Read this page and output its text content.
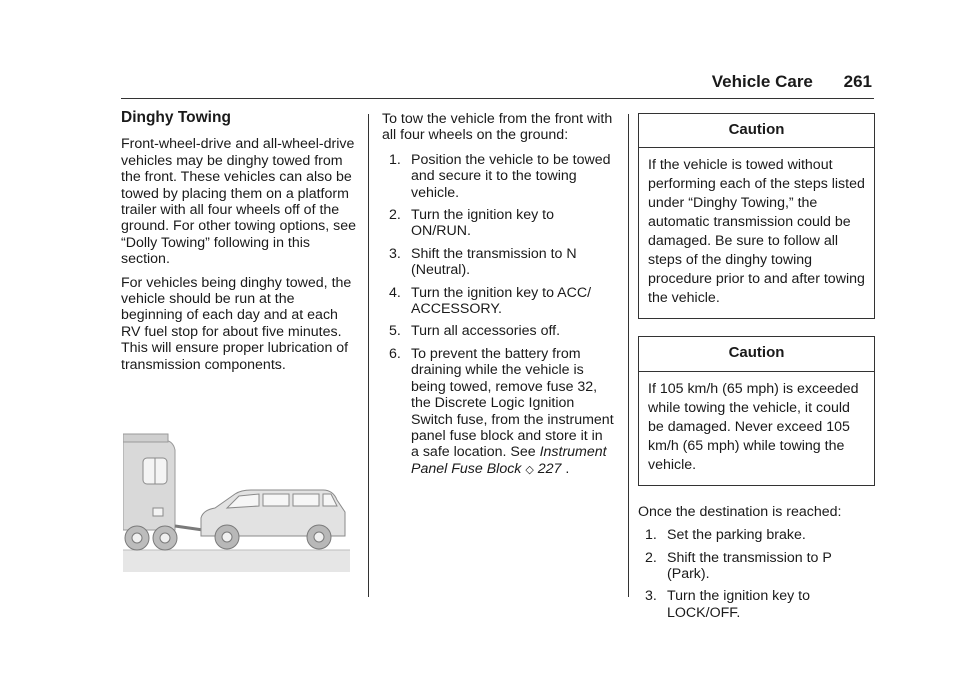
Vehicle Care 261
Dinghy Towing

Front-wheel-drive and all-wheel-drive vehicles may be dinghy towed from the front. These vehicles can also be towed by placing them on a platform trailer with all four wheels off of the ground. For other towing options, see “Dolly Towing” following in this section.

For vehicles being dinghy towed, the vehicle should be run at the beginning of each day and at each RV fuel stop for about five minutes. This will ensure proper lubrication of transmission components.

To tow the vehicle from the front with all four wheels on the ground:

1. Position the vehicle to be towed and secure it to the towing vehicle.
2. Turn the ignition key to ON/RUN.
3. Shift the transmission to N (Neutral).
4. Turn the ignition key to ACC/ ACCESSORY.
5. Turn all accessories off.
6. To prevent the battery from draining while the vehicle is being towed, remove fuse 32, the Discrete Logic Ignition Switch fuse, from the instrument panel fuse block and store it in a safe location. See Instrument Panel Fuse Block ◇ 227 .
Caution
If the vehicle is towed without performing each of the steps listed under “Dinghy Towing,” the automatic transmission could be damaged. Be sure to follow all steps of the dinghy towing procedure prior to and after towing the vehicle.
Caution
If 105 km/h (65 mph) is exceeded while towing the vehicle, it could be damaged. Never exceed 105 km/h (65 mph) while towing the vehicle.

Once the destination is reached:

1. Set the parking brake.
2. Shift the transmission to P (Park).
3. Turn the ignition key to LOCK/OFF.
